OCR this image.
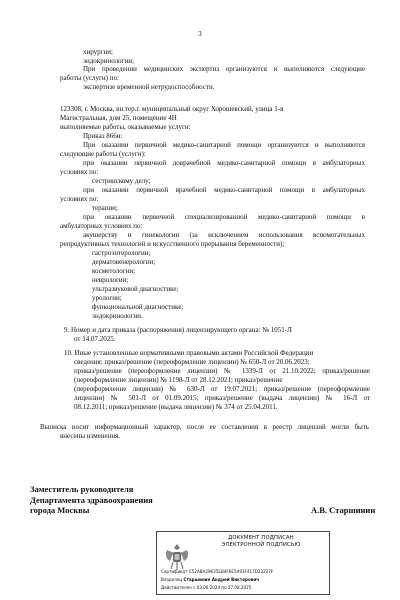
3
хирургии;
эндокринологии;
При проведении медицинских экспертиз организуются и выполняются следующие
работы (услуги) по:
экспертизе временной нетрудоспособности.
123308, г. Москва, вн.тер.г. муниципальный округ Хорошевский, улица 1-я
Магистральная, дом 25, помещение 4Н
выполняемые работы, оказываемые услуги:
Приказ 866н:
При оказании первичной медико-санитарной помощи организуются и выполняются
следующие работы (услуги):
при оказании первичной доврачебной медико-санитарной помощи в амбулаторных
условиях по:
сестринскому делу;
при оказании первичной врачебной медико-санитарной помощи в амбулаторных
условиях по:
терапии;
при оказании первичной специализированной медико-санитарной помощи в
амбулаторных условиях по:
акушерству и гинекологии (за исключением использования вспомогательных
репродуктивных технологий и искусственного прерывания беременности);
гастроэнтерологии;
дерматовенерологии;
косметологии;
неврологии;
ультразвуковой диагностике;
урологии;
функциональной диагностике;
эндокринологии.
9. Номер и дата приказа (распоряжения) лицензирующего органа: № 1051-Л
от 14.07.2025.
10. Иные установленные нормативными правовыми актами Российской Федерации
сведения: приказ/решение (переоформление лицензии) № 650-Л от 20.06.2023;
приказ/решение (переоформление лицензии) № 1339-Л от 21.10.2022; приказ/решение
(переоформление лицензии) № 1198-Л от 28.12.2021; приказ/решение
(переоформление лицензии) № 630-Л от 19.07.2021; приказ/решение (переоформление
лицензии) № 501-Л от 01.09.2015; приказ/решение (выдача лицензии) № 16-Л от
08.12.2011; приказ/решение (выдача лицензии) № 374 от 25.04.2011.
Выписка носит информационный характер, после ее составления в реестр лицензий могли быть
внесены изменения.
Заместитель руководителя
Департамента здравоохранения
города Москвы	А.В. Старшинин
ДОКУМЕНТ ПОДПИСАН
ЭЛЕКТРОННОЙ ПОДПИСЬЮ
Сертификат C52ABA29635EB4F6E5A91F417D23227F
Владелец Старшинин Андрей Викторович
Действителен с 03.06.2024 по 27.08.2025
